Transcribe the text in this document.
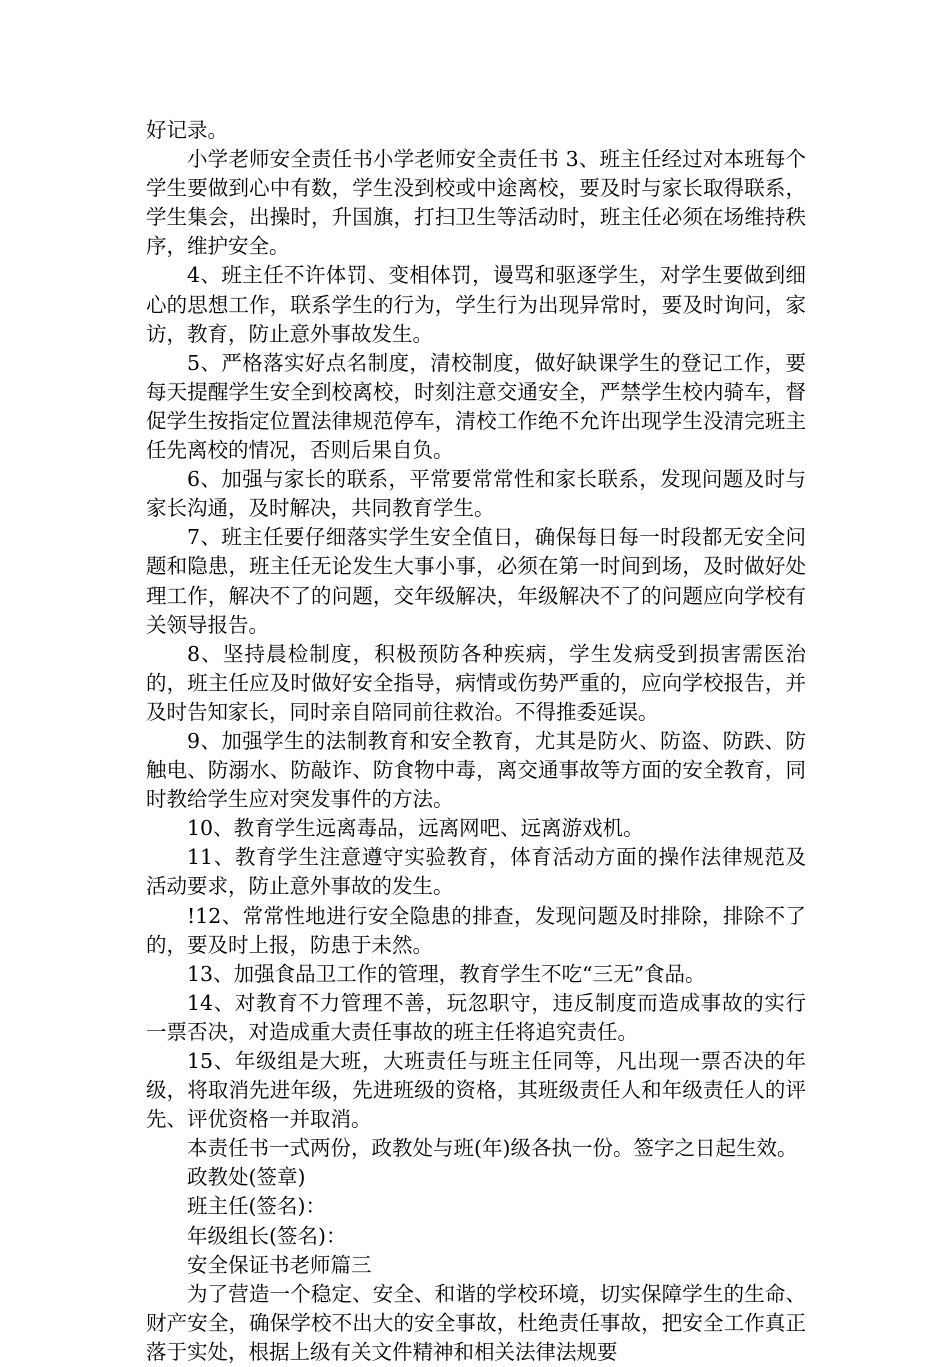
好记录。

小学老师安全责任书小学老师安全责任书 3、班主任经过对本班每个学生要做到心中有数，学生没到校或中途离校，要及时与家长取得联系，学生集会，出操时，升国旗，打扫卫生等活动时，班主任必须在场维持秩序，维护安全。

4、班主任不许体罚、变相体罚，谩骂和驱逐学生，对学生要做到细心的思想工作，联系学生的行为，学生行为出现异常时，要及时询问，家访，教育，防止意外事故发生。

5、严格落实好点名制度，清校制度，做好缺课学生的登记工作，要每天提醒学生安全到校离校，时刻注意交通安全，严禁学生校内骑车，督促学生按指定位置法律规范停车，清校工作绝不允许出现学生没清完班主任先离校的情况，否则后果自负。

6、加强与家长的联系，平常要常常性和家长联系，发现问题及时与家长沟通，及时解决，共同教育学生。

7、班主任要仔细落实学生安全值日，确保每日每一时段都无安全问题和隐患，班主任无论发生大事小事，必须在第一时间到场，及时做好处理工作，解决不了的问题，交年级解决，年级解决不了的问题应向学校有关领导报告。

8、坚持晨检制度，积极预防各种疾病，学生发病受到损害需医治的，班主任应及时做好安全指导，病情或伤势严重的，应向学校报告，并及时告知家长，同时亲自陪同前往救治。不得推委延误。

9、加强学生的法制教育和安全教育，尤其是防火、防盗、防跌、防触电、防溺水、防敲诈、防食物中毒，离交通事故等方面的安全教育，同时教给学生应对突发事件的方法。

10、教育学生远离毒品，远离网吧、远离游戏机。

11、教育学生注意遵守实验教育，体育活动方面的操作法律规范及活动要求，防止意外事故的发生。

!12、常常性地进行安全隐患的排查，发现问题及时排除，排除不了的，要及时上报，防患于未然。

13、加强食品卫工作的管理，教育学生不吃“三无”食品。

14、对教育不力管理不善，玩忽职守，违反制度而造成事故的实行一票否决，对造成重大责任事故的班主任将追究责任。

15、年级组是大班，大班责任与班主任同等，凡出现一票否决的年级，将取消先进年级，先进班级的资格，其班级责任人和年级责任人的评先、评优资格一并取消。

本责任书一式两份，政教处与班(年)级各执一份。签字之日起生效。

政教处(签章)

班主任(签名)：

年级组长(签名)：

安全保证书老师篇三

为了营造一个稳定、安全、和谐的学校环境，切实保障学生的生命、财产安全，确保学校不出大的安全事故，杜绝责任事故，把安全工作真正落于实处，根据上级有关文件精神和相关法律法规要
